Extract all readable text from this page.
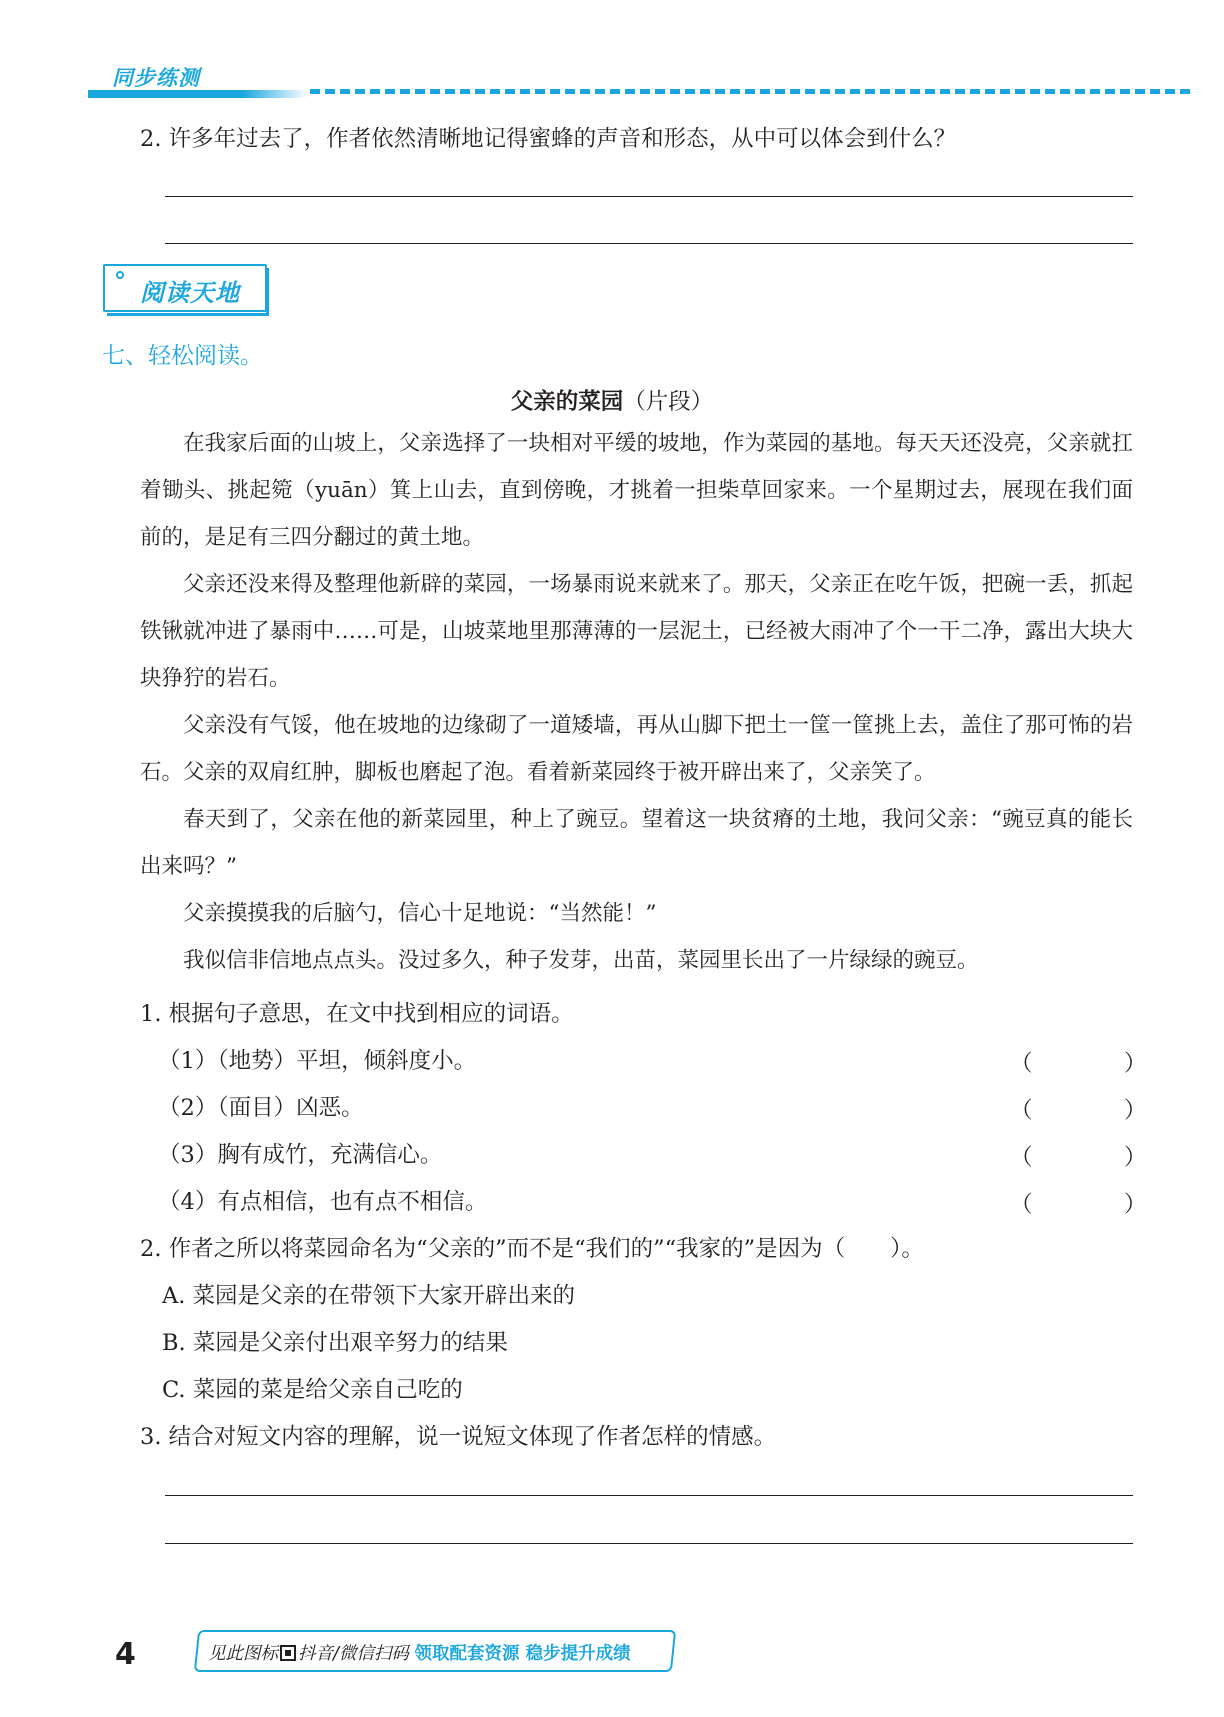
同步练测
2. 许多年过去了，作者依然清晰地记得蜜蜂的声音和形态，从中可以体会到什么？
阅读天地
七、轻松阅读。
父亲的菜园（片段）
在我家后面的山坡上，父亲选择了一块相对平缓的坡地，作为菜园的基地。每天天还没亮，父亲就扛着锄头、挑起箢（yuān）箕上山去，直到傍晚，才挑着一担柴草回家来。一个星期过去，展现在我们面前的，是足有三四分翻过的黄土地。
父亲还没来得及整理他新辟的菜园，一场暴雨说来就来了。那天，父亲正在吃午饭，把碗一丢，抓起铁锹就冲进了暴雨中……可是，山坡菜地里那薄薄的一层泥土，已经被大雨冲了个一干二净，露出大块大块狰狞的岩石。
父亲没有气馁，他在坡地的边缘砌了一道矮墙，再从山脚下把土一筐一筐挑上去，盖住了那可怖的岩石。父亲的双肩红肿，脚板也磨起了泡。看着新菜园终于被开辟出来了，父亲笑了。
春天到了，父亲在他的新菜园里，种上了豌豆。望着这一块贫瘠的土地，我问父亲：“豌豆真的能长出来吗？”
父亲摸摸我的后脑勺，信心十足地说：“当然能！”
我似信非信地点点头。没过多久，种子发芽，出苗，菜园里长出了一片绿绿的豌豆。
1. 根据句子意思，在文中找到相应的词语。
（1）（地势）平坦，倾斜度小。	（	）
（2）（面目）凶恶。	（	）
（3）胸有成竹，充满信心。	（	）
（4）有点相信，也有点不相信。	（	）
2. 作者之所以将菜园命名为“父亲的”而不是“我们的”“我家的”是因为（　　）。
A. 菜园是父亲的在带领下大家开辟出来的
B. 菜园是父亲付出艰辛努力的结果
C. 菜园的菜是给父亲自己吃的
3. 结合对短文内容的理解，说一说短文体现了作者怎样的情感。
4	见此图标 抖音/微信扫码 领取配套资源 稳步提升成绩
